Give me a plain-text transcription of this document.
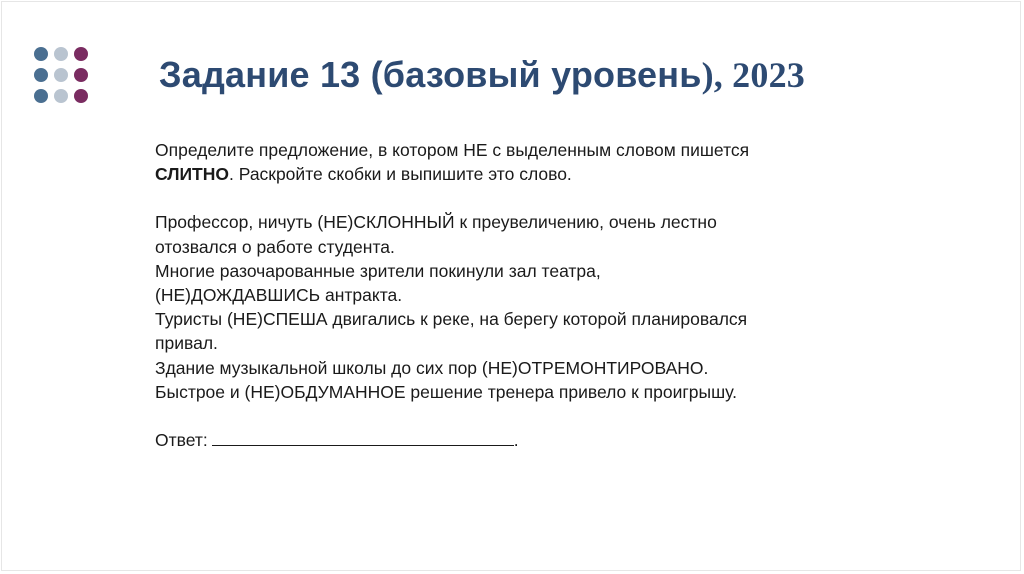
Задание 13 (базовый уровень), 2023
Определите предложение, в котором НЕ с выделенным словом пишется
СЛИТНО. Раскройте скобки и выпишите это слово.
Профессор, ничуть (НЕ)СКЛОННЫЙ к преувеличению, очень лестно
отозвался о работе студента.
Многие разочарованные зрители покинули зал театра,
(НЕ)ДОЖДАВШИСЬ антракта.
Туристы (НЕ)СПЕША двигались к реке, на берегу которой планировался
привал.
Здание музыкальной школы до сих пор (НЕ)ОТРЕМОНТИРОВАНО.
Быстрое и (НЕ)ОБДУМАННОЕ решение тренера привело к проигрышу.
Ответ:	.
